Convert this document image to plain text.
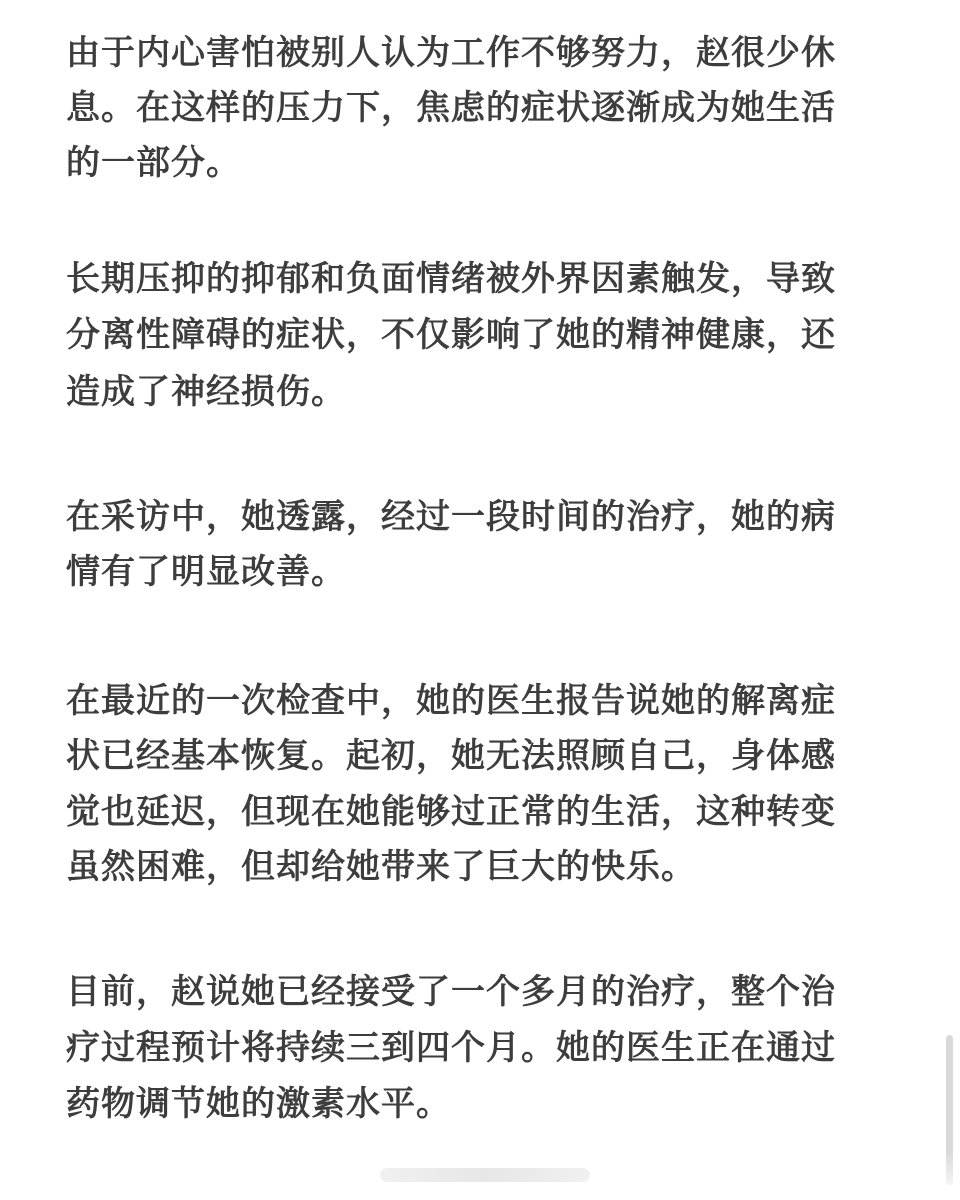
由于内心害怕被别人认为工作不够努力，赵很少休

息。在这样的压力下，焦虑的症状逐渐成为她生活

的一部分。

长期压抑的抑郁和负面情绪被外界因素触发，导致

分离性障碍的症状，不仅影响了她的精神健康，还

造成了神经损伤。

在采访中，她透露，经过一段时间的治疗，她的病

情有了明显改善。

在最近的一次检查中，她的医生报告说她的解离症

状已经基本恢复。起初，她无法照顾自己，身体感

觉也延迟，但现在她能够过正常的生活，这种转变

虽然困难，但却给她带来了巨大的快乐。

目前，赵说她已经接受了一个多月的治疗，整个治

疗过程预计将持续三到四个月。她的医生正在通过

药物调节她的激素水平。
